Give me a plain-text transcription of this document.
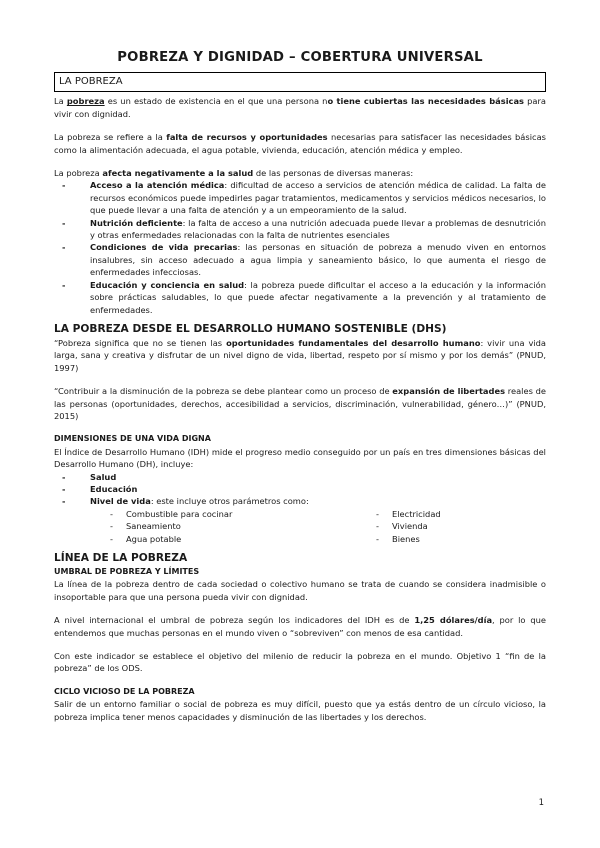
POBREZA Y DIGNIDAD – COBERTURA UNIVERSAL
LA POBREZA

La pobreza es un estado de existencia en el que una persona no tiene cubiertas las necesidades básicas para vivir con dignidad.

La pobreza se refiere a la falta de recursos y oportunidades necesarias para satisfacer las necesidades básicas como la alimentación adecuada, el agua potable, vivienda, educación, atención médica y empleo.

La pobreza afecta negativamente a la salud de las personas de diversas maneras:

- Acceso a la atención médica: dificultad de acceso a servicios de atención médica de calidad. La falta de recursos económicos puede impedirles pagar tratamientos, medicamentos y servicios médicos necesarios, lo que puede llevar a una falta de atención y a un empeoramiento de la salud.
- Nutrición deficiente: la falta de acceso a una nutrición adecuada puede llevar a problemas de desnutrición y otras enfermedades relacionadas con la falta de nutrientes esenciales
- Condiciones de vida precarias: las personas en situación de pobreza a menudo viven en entornos insalubres, sin acceso adecuado a agua limpia y saneamiento básico, lo que aumenta el riesgo de enfermedades infecciosas.
- Educación y conciencia en salud: la pobreza puede dificultar el acceso a la educación y la información sobre prácticas saludables, lo que puede afectar negativamente a la prevención y al tratamiento de enfermedades.
LA POBREZA DESDE EL DESARROLLO HUMANO SOSTENIBLE (DHS)

“Pobreza significa que no se tienen las oportunidades fundamentales del desarrollo humano: vivir una vida larga, sana y creativa y disfrutar de un nivel digno de vida, libertad, respeto por sí mismo y por los demás” (PNUD, 1997)

“Contribuir a la disminución de la pobreza se debe plantear como un proceso de expansión de libertades reales de las personas (oportunidades, derechos, accesibilidad a servicios, discriminación, vulnerabilidad, género…)” (PNUD, 2015)

DIMENSIONES DE UNA VIDA DIGNA

El Índice de Desarrollo Humano (IDH) mide el progreso medio conseguido por un país en tres dimensiones básicas del Desarrollo Humano (DH), incluye:

- Salud
- Educación
- Nivel de vida: este incluye otros parámetros como:
- Combustible para cocinar
- Saneamiento
- Agua potable
- Electricidad
- Vivienda
- Bienes
LÍNEA DE LA POBREZA
UMBRAL DE POBREZA Y LÍMITES

La línea de la pobreza dentro de cada sociedad o colectivo humano se trata de cuando se considera inadmisible o insoportable para que una persona pueda vivir con dignidad.

A nivel internacional el umbral de pobreza según los indicadores del IDH es de 1,25 dólares/día, por lo que entendemos que muchas personas en el mundo viven o “sobreviven” con menos de esa cantidad.

Con este indicador se establece el objetivo del milenio de reducir la pobreza en el mundo. Objetivo 1 “fin de la pobreza” de los ODS.

CICLO VICIOSO DE LA POBREZA

Salir de un entorno familiar o social de pobreza es muy difícil, puesto que ya estás dentro de un círculo vicioso, la pobreza implica tener menos capacidades y disminución de las libertades y los derechos.

1
